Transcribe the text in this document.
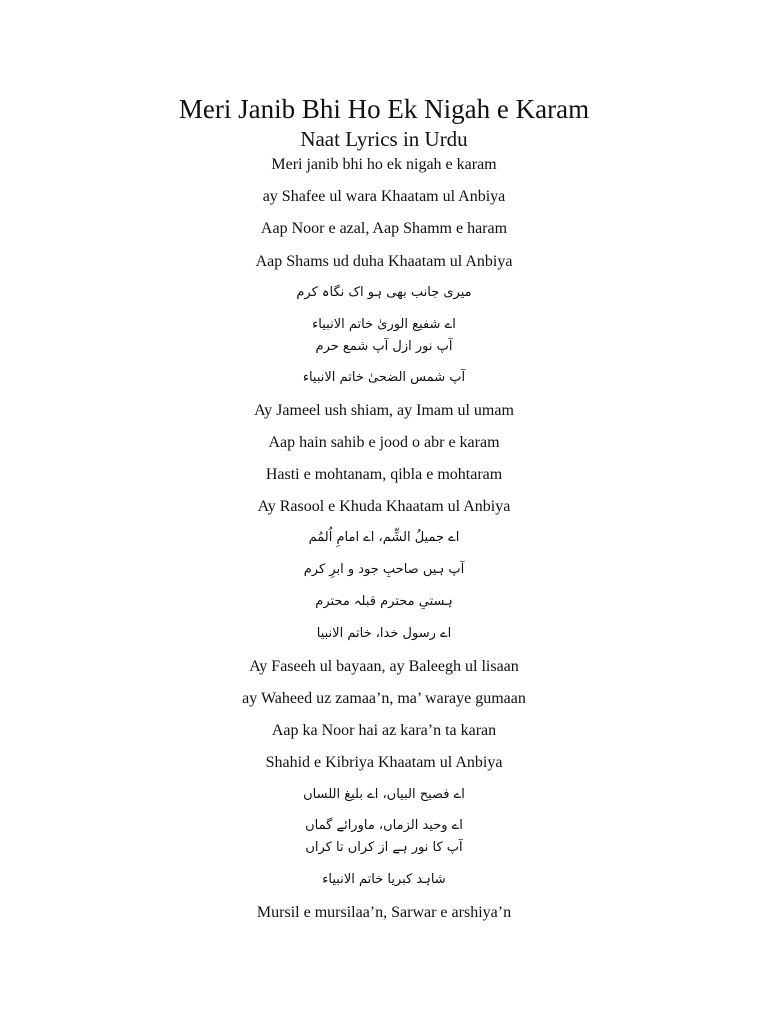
Meri Janib Bhi Ho Ek Nigah e Karam
Naat Lyrics in Urdu
Meri janib bhi ho ek nigah e karam
ay Shafee ul wara Khaatam ul Anbiya
Aap Noor e azal, Aap Shamm e haram
Aap Shams ud duha Khaatam ul Anbiya
میری جانب بھی ہو اک نگاہ کرم
اے شفیع الوریٰ خاتم الانبیاء
آپ نور ازل آپ شمع حرم
آپ شمس الضحیٰ خاتم الانبیاء
Ay Jameel ush shiam, ay Imam ul umam
Aap hain sahib e jood o abr e karam
Hasti e mohtanam, qibla e mohtaram
Ay Rasool e Khuda Khaatam ul Anbiya
اے جمیلُ الشِّم، اے امامِ اُلمُم
آپ ہیں صاحبِ جود و ابرِ کرم
ہستیِ محترم قبلہ محترم
اے رسول خدا، خاتم الانبیا
Ay Faseeh ul bayaan, ay Baleegh ul lisaan
ay Waheed uz zamaa’n, ma’ waraye gumaan
Aap ka Noor hai az kara’n ta karan
Shahid e Kibriya Khaatam ul Anbiya
اے فصیح البیاں، اے بلیغ اللساں
اے وحید الزماں، ماورائے گماں
آپ کا نور ہے از کراں تا کراں
شاہد کبریا خاتم الانبیاء
Mursil e mursilaa’n, Sarwar e arshiya’n
